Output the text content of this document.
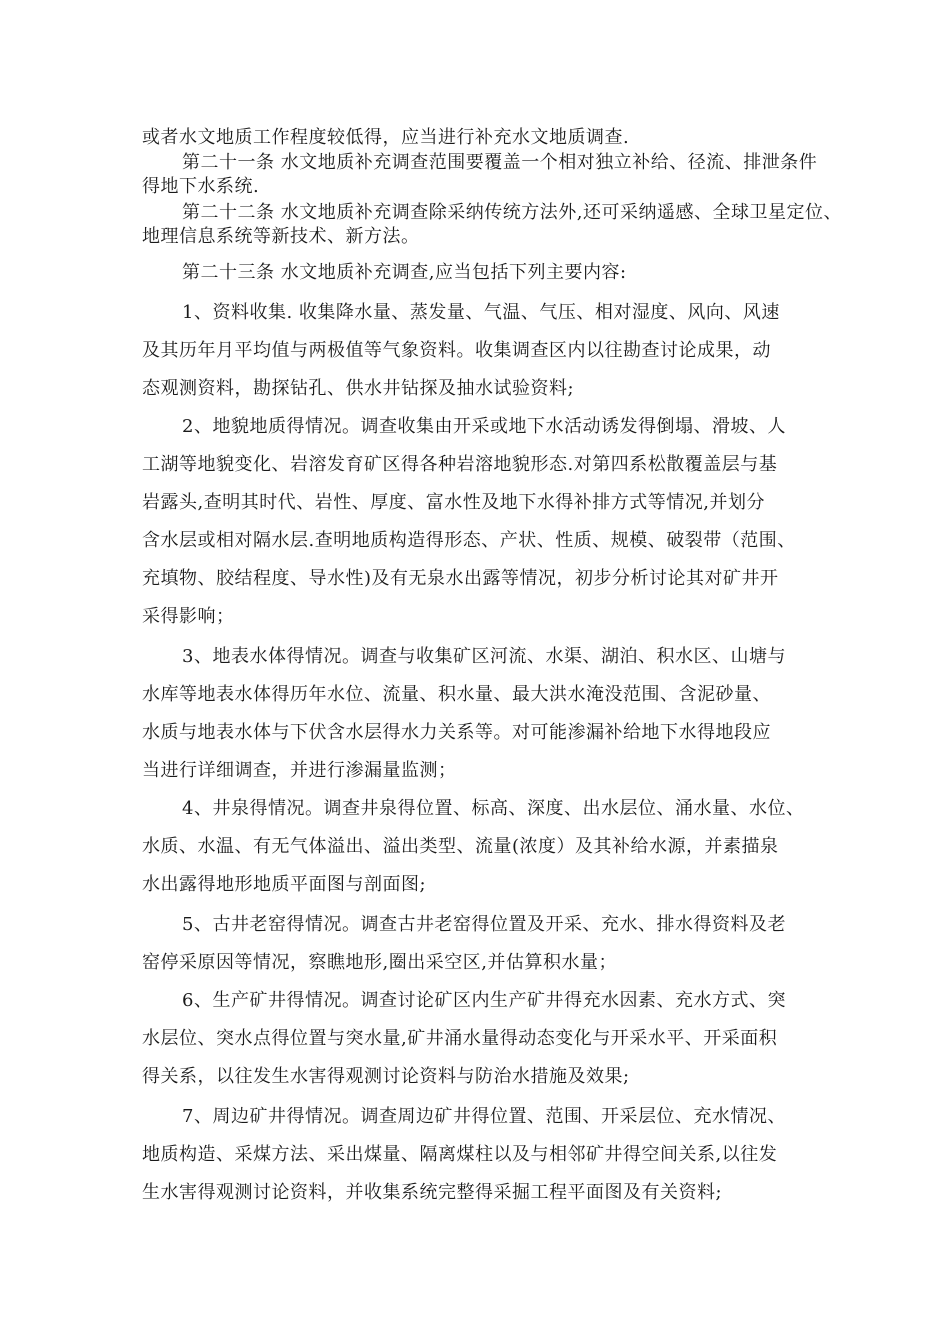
或者水文地质工作程度较低得，应当进行补充水文地质调查.
第二十一条 水文地质补充调查范围要覆盖一个相对独立补给、径流、排泄条件
得地下水系统.
第二十二条 水文地质补充调查除采纳传统方法外,还可采纳遥感、全球卫星定位、
地理信息系统等新技术、新方法。
第二十三条 水文地质补充调查,应当包括下列主要内容:
1、资料收集. 收集降水量、蒸发量、气温、气压、相对湿度、风向、风速
及其历年月平均值与两极值等气象资料。收集调查区内以往勘查讨论成果，动
态观测资料，勘探钻孔、供水井钻探及抽水试验资料;
2、地貌地质得情况。调查收集由开采或地下水活动诱发得倒塌、滑坡、人
工湖等地貌变化、岩溶发育矿区得各种岩溶地貌形态.对第四系松散覆盖层与基
岩露头,查明其时代、岩性、厚度、富水性及地下水得补排方式等情况,并划分
含水层或相对隔水层.查明地质构造得形态、产状、性质、规模、破裂带（范围、
充填物、胶结程度、导水性)及有无泉水出露等情况，初步分析讨论其对矿井开
采得影响；
3、地表水体得情况。调查与收集矿区河流、水渠、湖泊、积水区、山塘与
水库等地表水体得历年水位、流量、积水量、最大洪水淹没范围、含泥砂量、
水质与地表水体与下伏含水层得水力关系等。对可能渗漏补给地下水得地段应
当进行详细调查，并进行渗漏量监测；
4、井泉得情况。调查井泉得位置、标高、深度、出水层位、涌水量、水位、
水质、水温、有无气体溢出、溢出类型、流量(浓度）及其补给水源，并素描泉
水出露得地形地质平面图与剖面图;
5、古井老窑得情况。调查古井老窑得位置及开采、充水、排水得资料及老
窑停采原因等情况，察瞧地形,圈出采空区,并估算积水量；
6、生产矿井得情况。调查讨论矿区内生产矿井得充水因素、充水方式、突
水层位、突水点得位置与突水量,矿井涌水量得动态变化与开采水平、开采面积
得关系，以往发生水害得观测讨论资料与防治水措施及效果;
7、周边矿井得情况。调查周边矿井得位置、范围、开采层位、充水情况、
地质构造、采煤方法、采出煤量、隔离煤柱以及与相邻矿井得空间关系,以往发
生水害得观测讨论资料，并收集系统完整得采掘工程平面图及有关资料;
